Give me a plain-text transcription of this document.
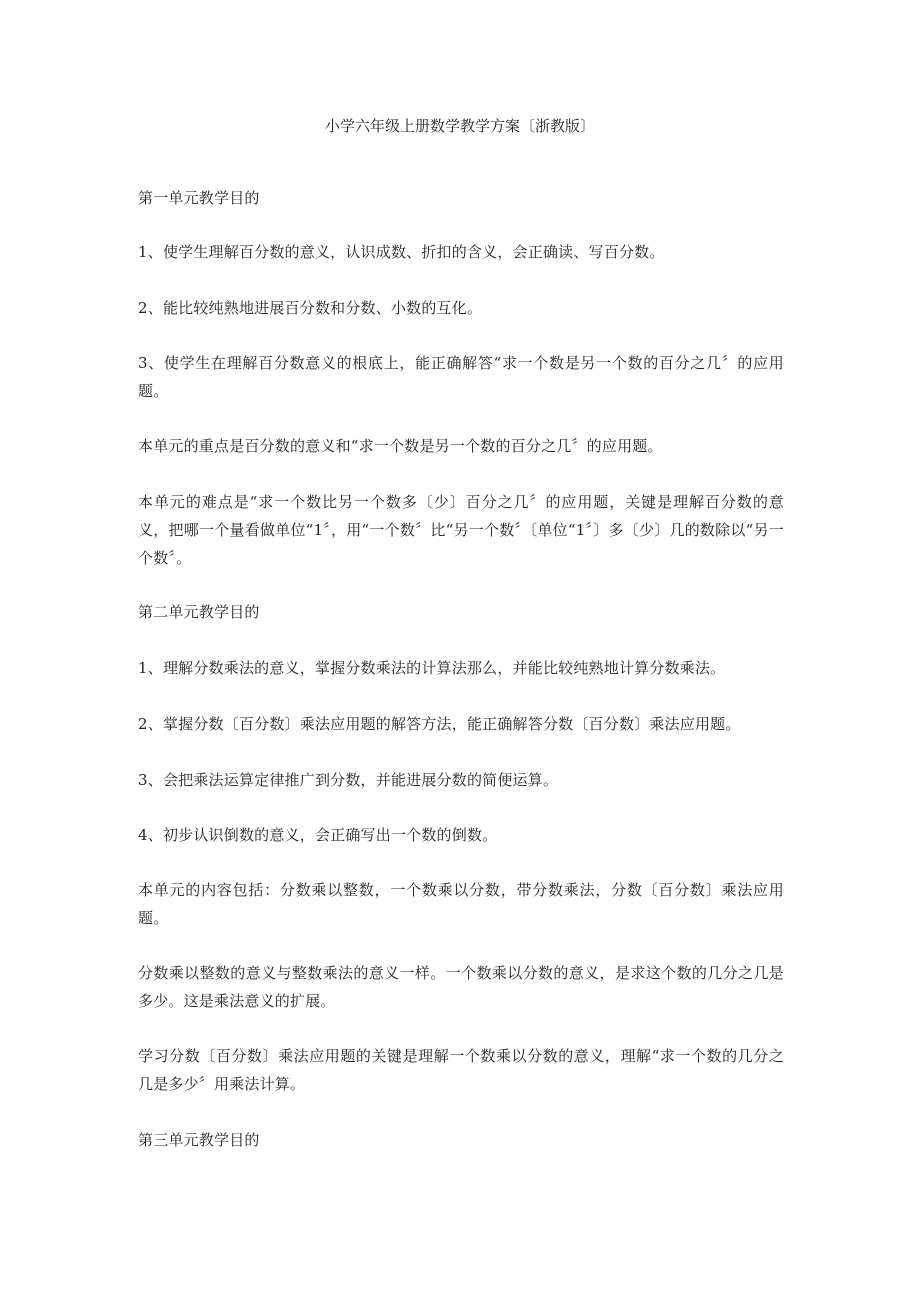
小学六年级上册数学教学方案〔浙教版〕
第一单元教学目的
1、使学生理解百分数的意义，认识成数、折扣的含义，会正确读、写百分数。
2、能比较纯熟地进展百分数和分数、小数的互化。
3、使学生在理解百分数意义的根底上，能正确解答“求一个数是另一个数的百分之几〞的应用题。
本单元的重点是百分数的意义和“求一个数是另一个数的百分之几〞的应用题。
本单元的难点是“求一个数比另一个数多〔少〕百分之几〞的应用题，关键是理解百分数的意义，把哪一个量看做单位“1〞，用“一个数〞比“另一个数〞〔单位“1〞〕多〔少〕几的数除以“另一个数〞。
第二单元教学目的
1、理解分数乘法的意义，掌握分数乘法的计算法那么，并能比较纯熟地计算分数乘法。
2、掌握分数〔百分数〕乘法应用题的解答方法，能正确解答分数〔百分数〕乘法应用题。
3、会把乘法运算定律推广到分数，并能进展分数的简便运算。
4、初步认识倒数的意义，会正确写出一个数的倒数。
本单元的内容包括：分数乘以整数，一个数乘以分数，带分数乘法，分数〔百分数〕乘法应用题。
分数乘以整数的意义与整数乘法的意义一样。一个数乘以分数的意义，是求这个数的几分之几是多少。这是乘法意义的扩展。
学习分数〔百分数〕乘法应用题的关键是理解一个数乘以分数的意义，理解“求一个数的几分之几是多少〞用乘法计算。
第三单元教学目的
